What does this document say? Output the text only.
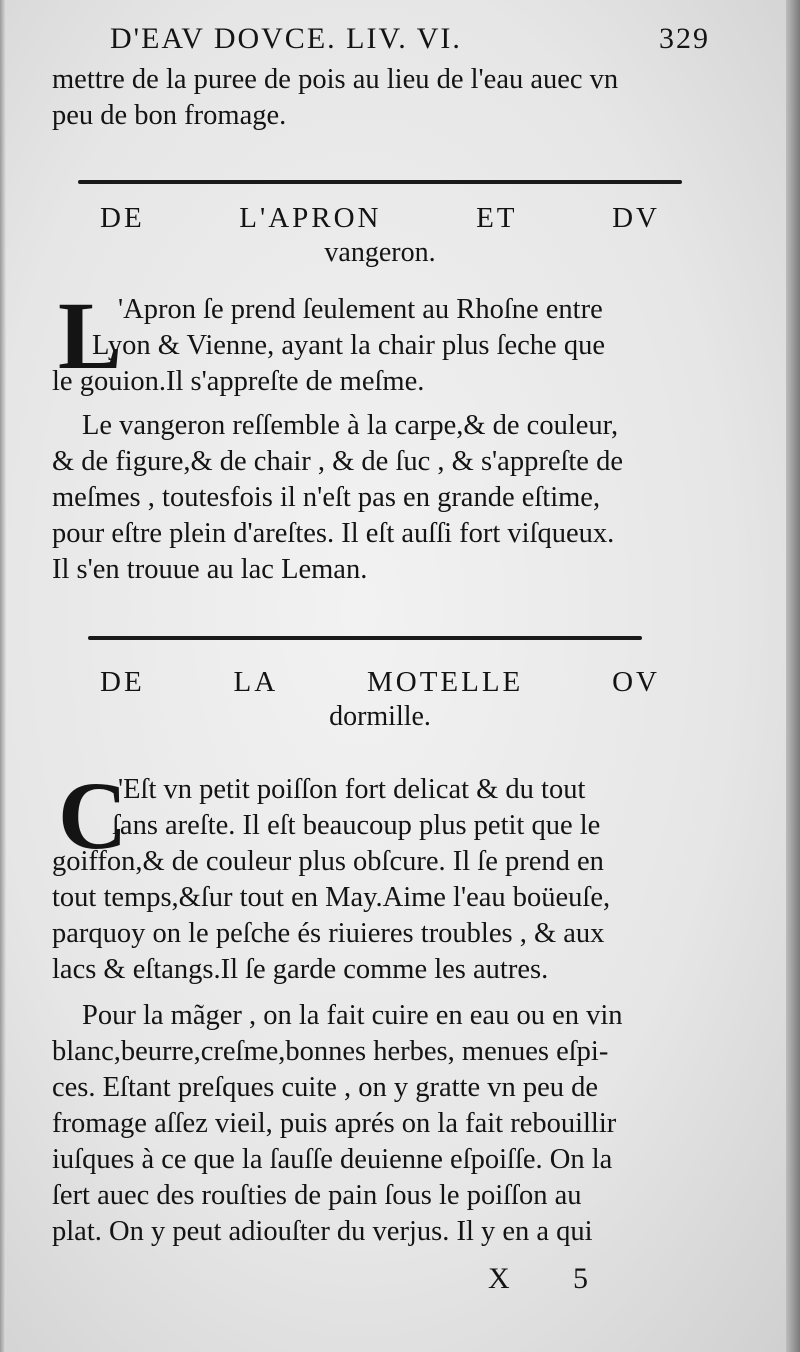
D'EAV DOVCE. LIV. VI.	329
mettre de la puree de pois au lieu de l'eau auec vn
peu de bon fromage.
DE	L'APRON	ET	DV
vangeron.
L
'Apron ſe prend ſeulement au Rhoſne entre
Lyon & Vienne, ayant la chair plus ſeche que
le gouion.Il s'appreſte de meſme.
Le vangeron reſſemble à la carpe,& de couleur,
& de figure,& de chair , & de ſuc , & s'appreſte de
meſmes , toutesfois il n'eſt pas en grande eſtime,
pour eſtre plein d'areſtes. Il eſt auſſi fort viſqueux.
Il s'en trouue au lac Leman.
DE	LA	MOTELLE	OV
dormille.
C
'Eſt vn petit poiſſon fort delicat & du tout
ſans areſte. Il eſt beaucoup plus petit que le
goiffon,& de couleur plus obſcure. Il ſe prend en
tout temps,&ſur tout en May.Aime l'eau boüeuſe,
parquoy on le peſche és riuieres troubles , & aux
lacs & eſtangs.Il ſe garde comme les autres.
Pour la mãger , on la fait cuire en eau ou en vin
blanc,beurre,creſme,bonnes herbes, menues eſpi-
ces. Eſtant preſques cuite , on y gratte vn peu de
fromage aſſez vieil, puis aprés on la fait rebouillir
iuſques à ce que la ſauſſe deuienne eſpoiſſe. On la
ſert auec des rouſties de pain ſous le poiſſon au
plat. On y peut adiouſter du verjus. Il y en a qui
X 5
